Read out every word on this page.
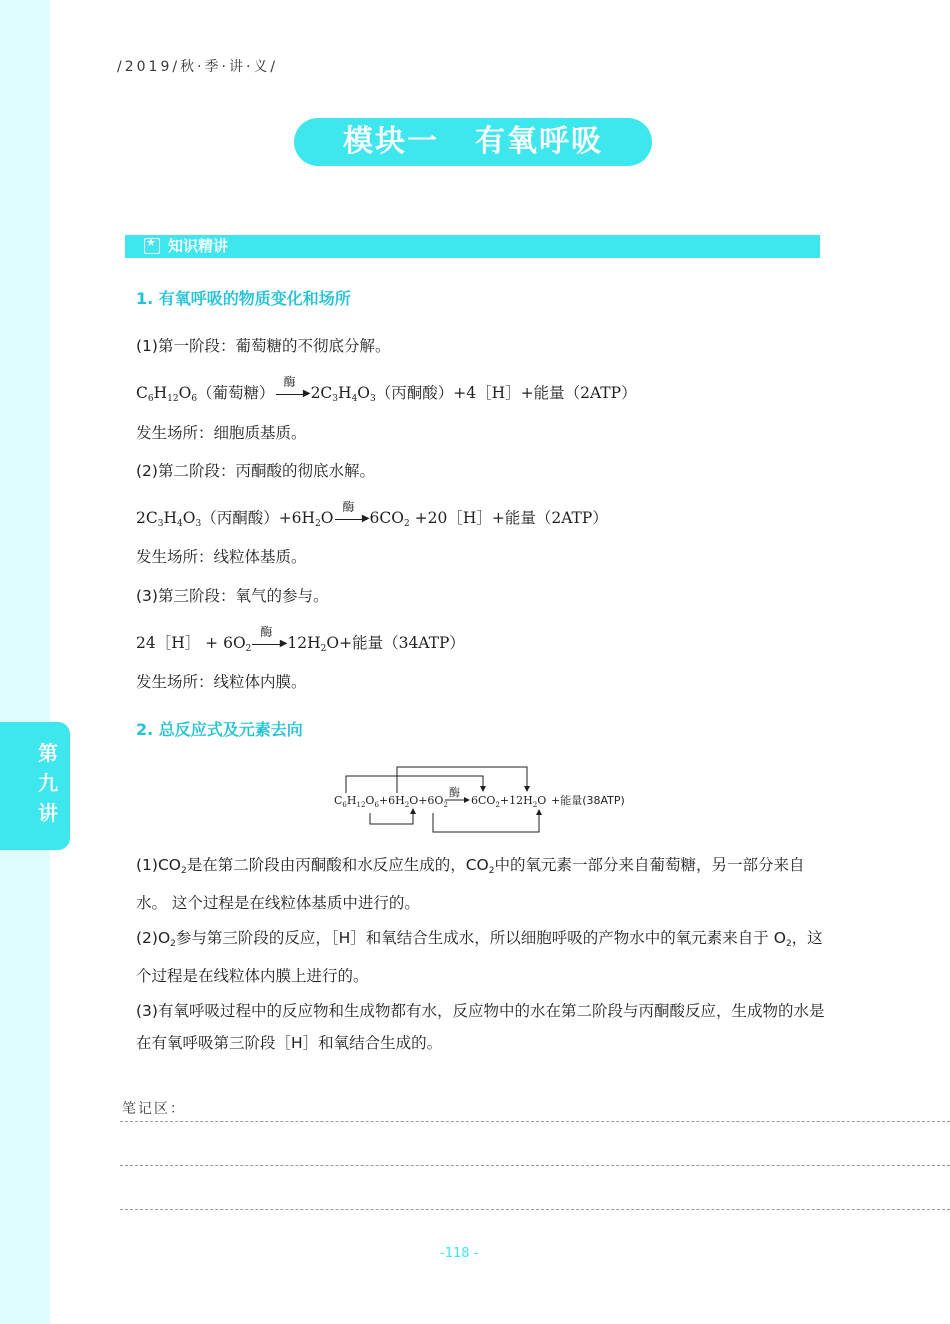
第
九
讲
/2019/秋·季·讲·义/
模块一 有氧呼吸
★
知识精讲
1. 有氧呼吸的物质变化和场所
(1)第一阶段：葡萄糖的不彻底分解。
$C_6H_{12}O_6$（葡萄糖）
酶
▶ $2C_3H_4O_3$（丙酮酸）+4［H］+能量（2ATP）
发生场所：细胞质基质。
(2)第二阶段：丙酮酸的彻底水解。
$2C_3H_4O_3$（丙酮酸）$+6H_2O$
酶
▶ $6CO_2$ +20［H］+能量（2ATP）
发生场所：线粒体基质。
(3)第三阶段：氧气的参与。
24［H］ + $6O_2$
酶
▶ $12H_2O+$能量（34ATP）
发生场所：线粒体内膜。
2. 总反应式及元素去向
$C_6H_{12}O_6+6H_2O+6O_2$ $6CO_2+12H_2O$
酶
+能量(38ATP)
$(1)CO_2$是在第二阶段由丙酮酸和水反应生成的，$CO_2$中的氧元素一部分来自葡萄糖，另一部分来自水。 这个过程是在线粒体基质中进行的。
$(2)O_2$参与第三阶段的反应，［H］和氧结合生成水，所以细胞呼吸的产物水中的氧元素来自于 $O_2$，这个过程是在线粒体内膜上进行的。
(3)有氧呼吸过程中的反应物和生成物都有水，反应物中的水在第二阶段与丙酮酸反应，生成物的水是在有氧呼吸第三阶段［H］和氧结合生成的。
笔记区：
-118 -
